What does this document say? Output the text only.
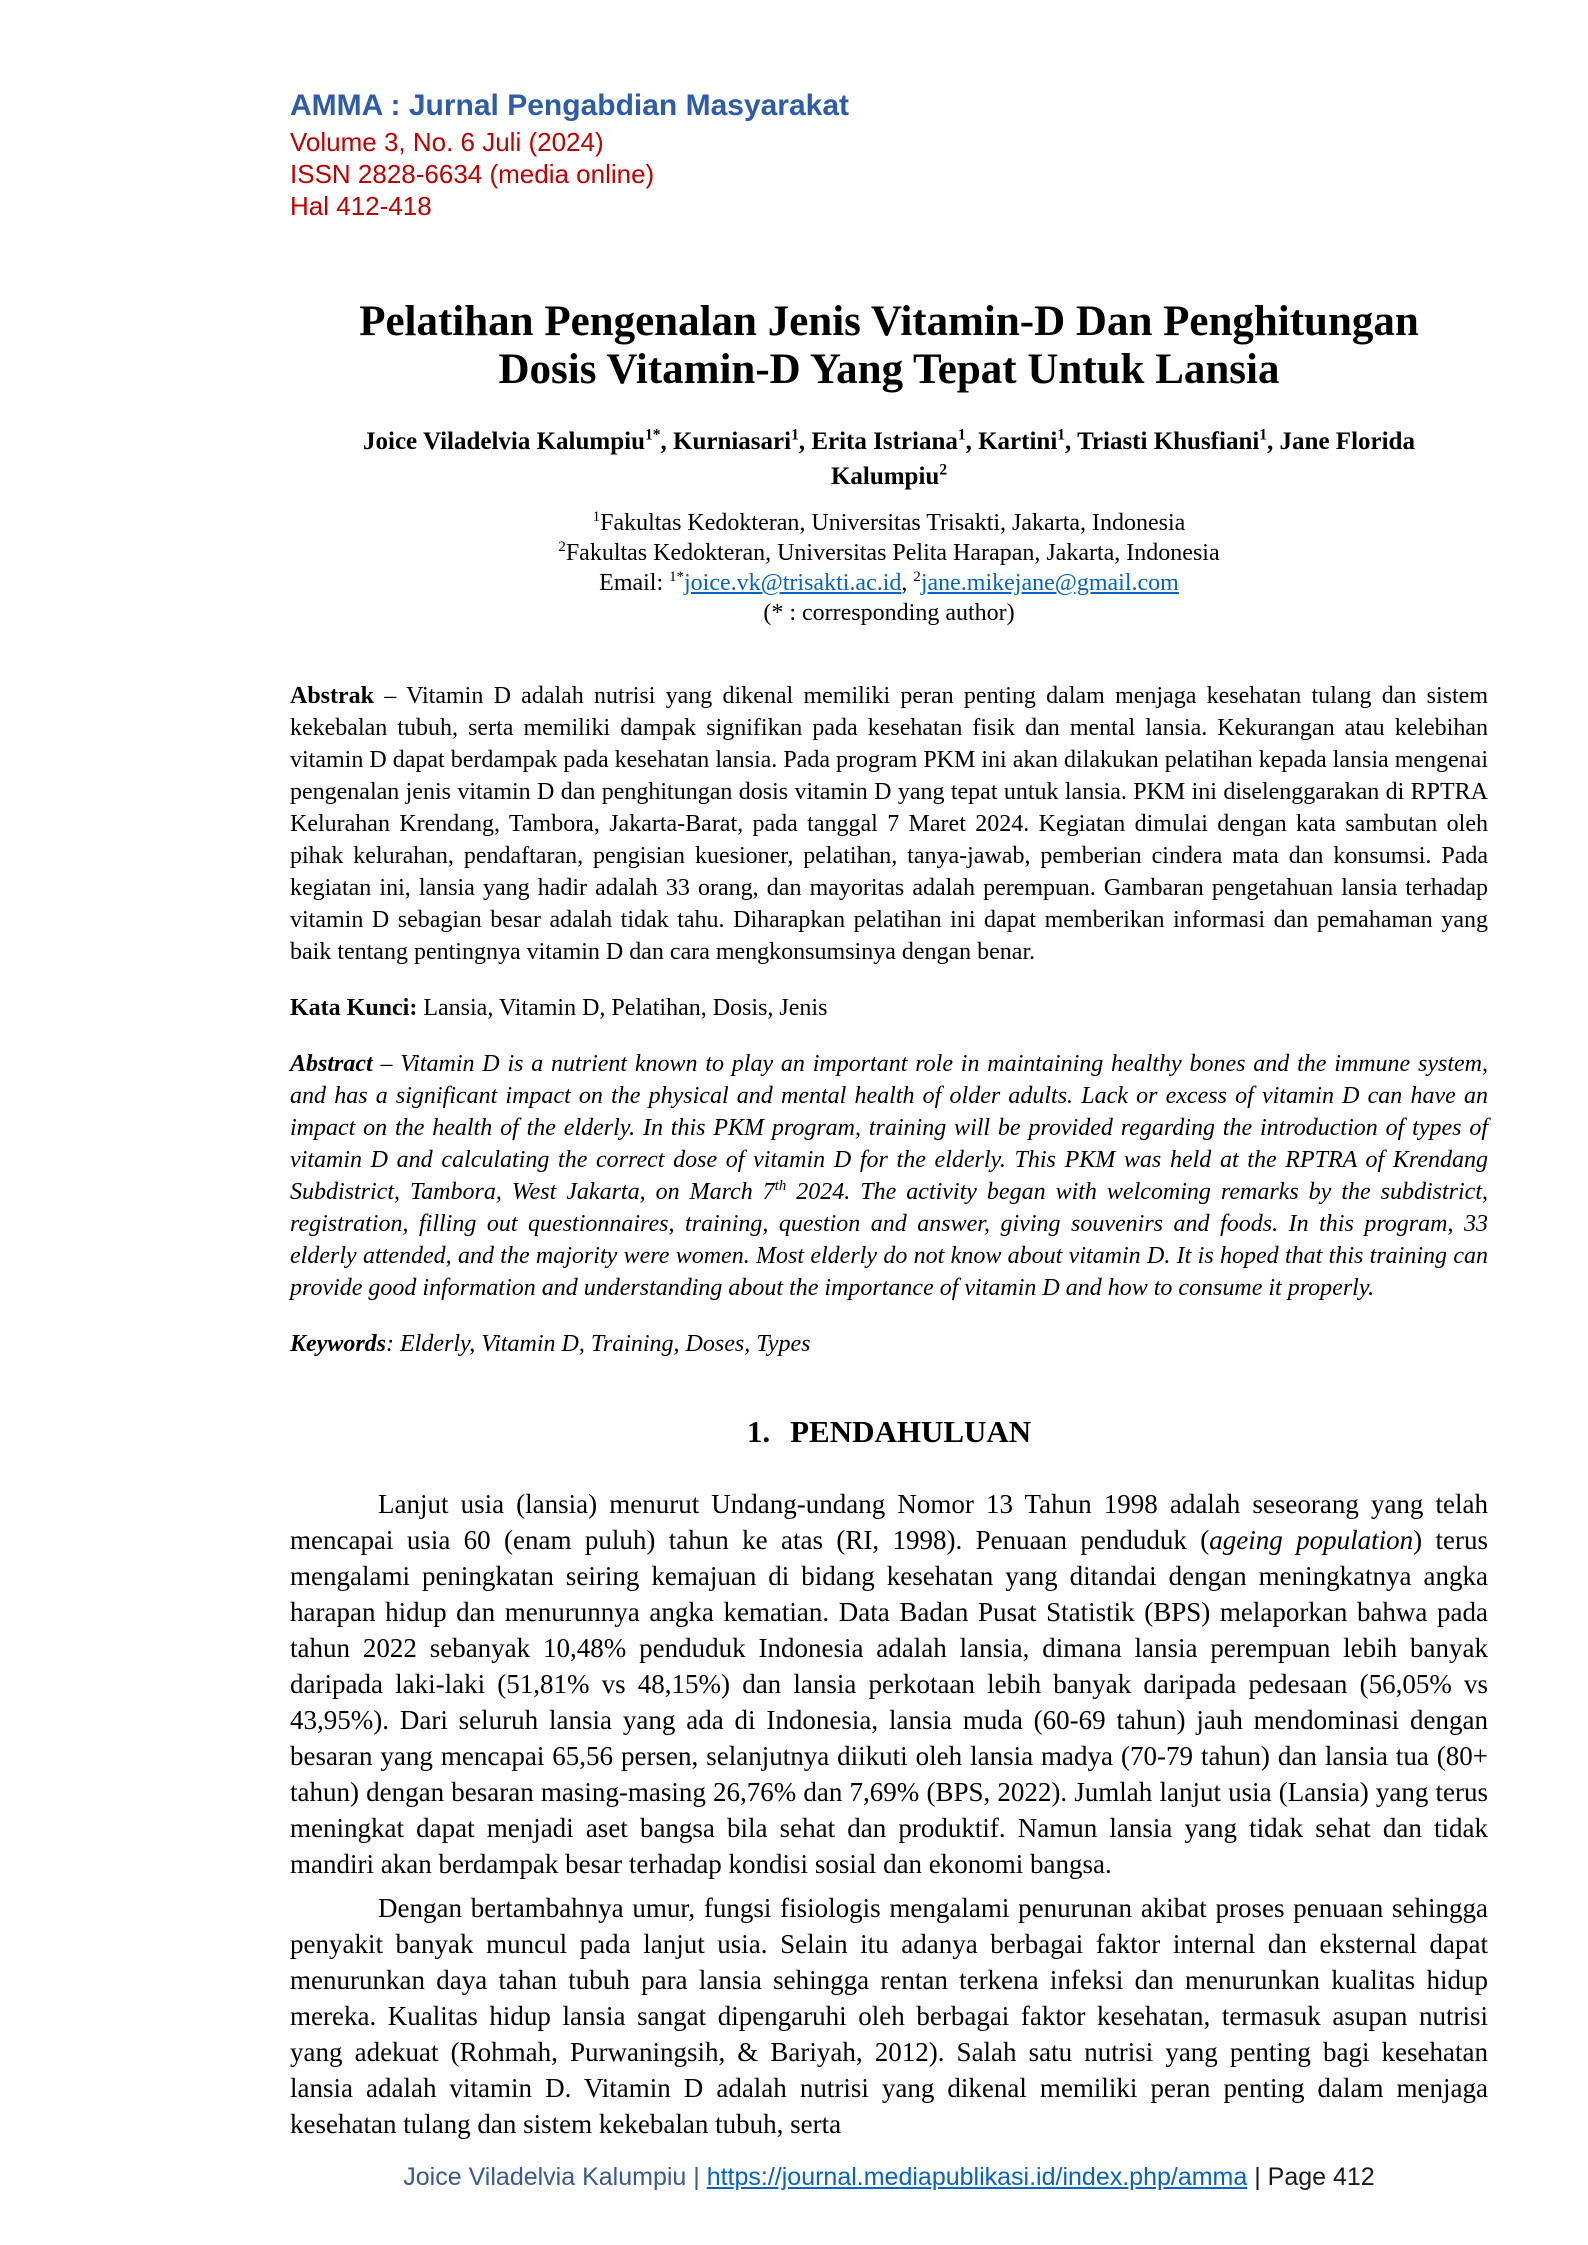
AMMA : Jurnal Pengabdian Masyarakat
Volume 3, No. 6 Juli (2024)
ISSN 2828-6634 (media online)
Hal 412-418
Pelatihan Pengenalan Jenis Vitamin-D Dan Penghitungan Dosis Vitamin-D Yang Tepat Untuk Lansia
Joice Viladelvia Kalumpiu$^{1*}$, Kurniasari$^1$, Erita Istriana$^1$, Kartini$^1$, Triasti Khusfiani$^1$, Jane Florida Kalumpiu$^2$
$^1$Fakultas Kedokteran, Universitas Trisakti, Jakarta, Indonesia
$^2$Fakultas Kedokteran, Universitas Pelita Harapan, Jakarta, Indonesia
Email: $^{1*}$joice.vk@trisakti.ac.id, $^2$jane.mikejane@gmail.com
(* : corresponding author)

Abstrak – Vitamin D adalah nutrisi yang dikenal memiliki peran penting dalam menjaga kesehatan tulang dan sistem kekebalan tubuh, serta memiliki dampak signifikan pada kesehatan fisik dan mental lansia. Kekurangan atau kelebihan vitamin D dapat berdampak pada kesehatan lansia. Pada program PKM ini akan dilakukan pelatihan kepada lansia mengenai pengenalan jenis vitamin D dan penghitungan dosis vitamin D yang tepat untuk lansia. PKM ini diselenggarakan di RPTRA Kelurahan Krendang, Tambora, Jakarta-Barat, pada tanggal 7 Maret 2024. Kegiatan dimulai dengan kata sambutan oleh pihak kelurahan, pendaftaran, pengisian kuesioner, pelatihan, tanya-jawab, pemberian cindera mata dan konsumsi. Pada kegiatan ini, lansia yang hadir adalah 33 orang, dan mayoritas adalah perempuan. Gambaran pengetahuan lansia terhadap vitamin D sebagian besar adalah tidak tahu. Diharapkan pelatihan ini dapat memberikan informasi dan pemahaman yang baik tentang pentingnya vitamin D dan cara mengkonsumsinya dengan benar.

Kata Kunci: Lansia, Vitamin D, Pelatihan, Dosis, Jenis

Abstract – Vitamin D is a nutrient known to play an important role in maintaining healthy bones and the immune system, and has a significant impact on the physical and mental health of older adults. Lack or excess of vitamin D can have an impact on the health of the elderly. In this PKM program, training will be provided regarding the introduction of types of vitamin D and calculating the correct dose of vitamin D for the elderly. This PKM was held at the RPTRA of Krendang Subdistrict, Tambora, West Jakarta, on March 7th 2024. The activity began with welcoming remarks by the subdistrict, registration, filling out questionnaires, training, question and answer, giving souvenirs and foods. In this program, 33 elderly attended, and the majority were women. Most elderly do not know about vitamin D. It is hoped that this training can provide good information and understanding about the importance of vitamin D and how to consume it properly.

Keywords: Elderly, Vitamin D, Training, Doses, Types

1. PENDAHULUAN

Lanjut usia (lansia) menurut Undang-undang Nomor 13 Tahun 1998 adalah seseorang yang telah mencapai usia 60 (enam puluh) tahun ke atas (RI, 1998). Penuaan penduduk (ageing population) terus mengalami peningkatan seiring kemajuan di bidang kesehatan yang ditandai dengan meningkatnya angka harapan hidup dan menurunnya angka kematian. Data Badan Pusat Statistik (BPS) melaporkan bahwa pada tahun 2022 sebanyak 10,48% penduduk Indonesia adalah lansia, dimana lansia perempuan lebih banyak daripada laki-laki (51,81% vs 48,15%) dan lansia perkotaan lebih banyak daripada pedesaan (56,05% vs 43,95%). Dari seluruh lansia yang ada di Indonesia, lansia muda (60-69 tahun) jauh mendominasi dengan besaran yang mencapai 65,56 persen, selanjutnya diikuti oleh lansia madya (70-79 tahun) dan lansia tua (80+ tahun) dengan besaran masing-masing 26,76% dan 7,69% (BPS, 2022). Jumlah lanjut usia (Lansia) yang terus meningkat dapat menjadi aset bangsa bila sehat dan produktif. Namun lansia yang tidak sehat dan tidak mandiri akan berdampak besar terhadap kondisi sosial dan ekonomi bangsa.

Dengan bertambahnya umur, fungsi fisiologis mengalami penurunan akibat proses penuaan sehingga penyakit banyak muncul pada lanjut usia. Selain itu adanya berbagai faktor internal dan eksternal dapat menurunkan daya tahan tubuh para lansia sehingga rentan terkena infeksi dan menurunkan kualitas hidup mereka. Kualitas hidup lansia sangat dipengaruhi oleh berbagai faktor kesehatan, termasuk asupan nutrisi yang adekuat (Rohmah, Purwaningsih, & Bariyah, 2012). Salah satu nutrisi yang penting bagi kesehatan lansia adalah vitamin D. Vitamin D adalah nutrisi yang dikenal memiliki peran penting dalam menjaga kesehatan tulang dan sistem kekebalan tubuh, serta

Joice Viladelvia Kalumpiu | https://journal.mediapublikasi.id/index.php/amma | Page 412
